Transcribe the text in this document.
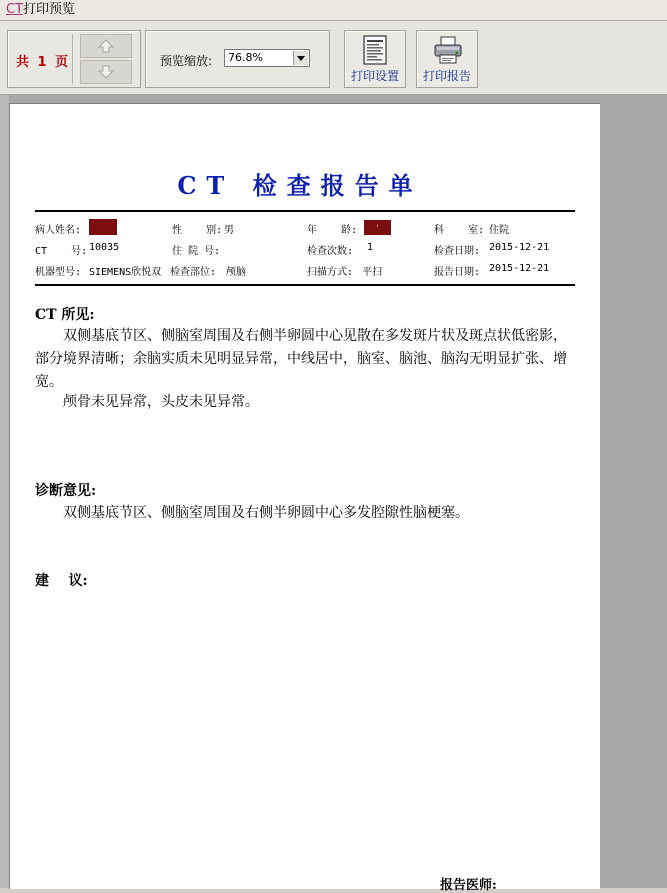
CT打印预览
共 1 页	预览缩放: 76.8%
打印设置	打印报告
CT 检查报告单
病人姓名:	性    别: 男	年    龄:	·	科    室: 住院
CT    号: 10035	住 院 号:	检查次数: 1	检查日期: 2015-12-21
机器型号: SIEMENS欣悦双 检查部位: 颅脑	扫描方式: 平扫	报告日期: 2015-12-21
CT 所见:
双侧基底节区、侧脑室周围及右侧半卵圆中心见散在多发斑片状及斑点状低密影，部分境界清晰；余脑实质未见明显异常，中线居中，脑室、脑池、脑沟无明显扩张、增宽。
颅骨未见异常，头皮未见异常。
诊断意见:
双侧基底节区、侧脑室周围及右侧半卵圆中心多发腔隙性脑梗塞。
建    议:
报告医师:
